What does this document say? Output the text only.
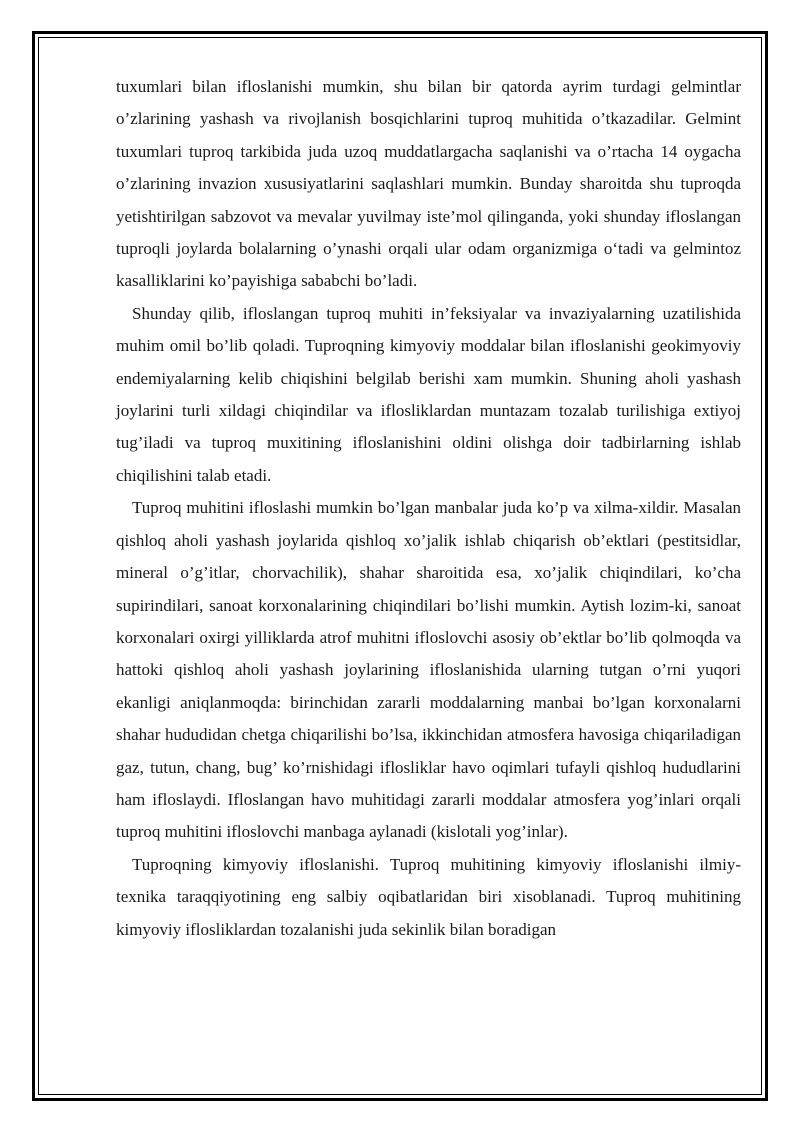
tuxumlari bilan ifloslanishi mumkin, shu bilan bir qatorda ayrim turdagi gelmintlar o’zlarining yashash va rivojlanish bosqichlarini tuproq muhitida o’tkazadilar. Gelmint tuxumlari tuproq tarkibida juda uzoq muddatlargacha saqlanishi va o’rtacha 14 oygacha o’zlarining invazion xususiyatlarini saqlashlari mumkin. Bunday sharoitda shu tuproqda yetishtirilgan sabzovot va mevalar yuvilmay iste’mol qilinganda, yoki shunday ifloslangan tuproqli joylarda bolalarning o’ynashi orqali ular odam organizmiga o‘tadi va gelmintoz kasalliklarini ko’payishiga sababchi bo’ladi.

Shunday qilib, ifloslangan tuproq muhiti in’feksiyalar va invaziyalarning uzatilishida muhim omil bo’lib qoladi. Tuproqning kimyoviy moddalar bilan ifloslanishi geokimyoviy endemiyalarning kelib chiqishini belgilab berishi xam mumkin. Shuning aholi yashash joylarini turli xildagi chiqindilar va iflosliklardan muntazam tozalab turilishiga extiyoj tug’iladi va tuproq muxitining ifloslanishini oldini olishga doir tadbirlarning ishlab chiqilishini talab etadi.

Tuproq muhitini ifloslashi mumkin bo’lgan manbalar juda ko’p va xilma-xildir. Masalan qishloq aholi yashash joylarida qishloq xo’jalik ishlab chiqarish ob’ektlari (pestitsidlar, mineral o’g’itlar, chorvachilik), shahar sharoitida esa, xo’jalik chiqindilari, ko’cha supirindilari, sanoat korxonalarining chiqindilari bo’lishi mumkin. Aytish lozim-ki, sanoat korxonalari oxirgi yilliklarda atrof muhitni ifloslovchi asosiy ob’ektlar bo’lib qolmoqda va hattoki qishloq aholi yashash joylarining ifloslanishida ularning tutgan o’rni yuqori ekanligi aniqlanmoqda: birinchidan zararli moddalarning manbai bo’lgan korxonalarni shahar hududidan chetga chiqarilishi bo’lsa, ikkinchidan atmosfera havosiga chiqariladigan gaz, tutun, chang, bug’ ko’rnishidagi iflosliklar havo oqimlari tufayli qishloq hududlarini ham ifloslaydi. Ifloslangan havo muhitidagi zararli moddalar atmosfera yog’inlari orqali tuproq muhitini ifloslovchi manbaga aylanadi (kislotali yog’inlar).

Tuproqning kimyoviy ifloslanishi. Tuproq muhitining kimyoviy ifloslanishi ilmiy-texnika taraqqiyotining eng salbiy oqibatlaridan biri xisoblanadi. Tuproq muhitining kimyoviy iflosliklardan tozalanishi juda sekinlik bilan boradigan
